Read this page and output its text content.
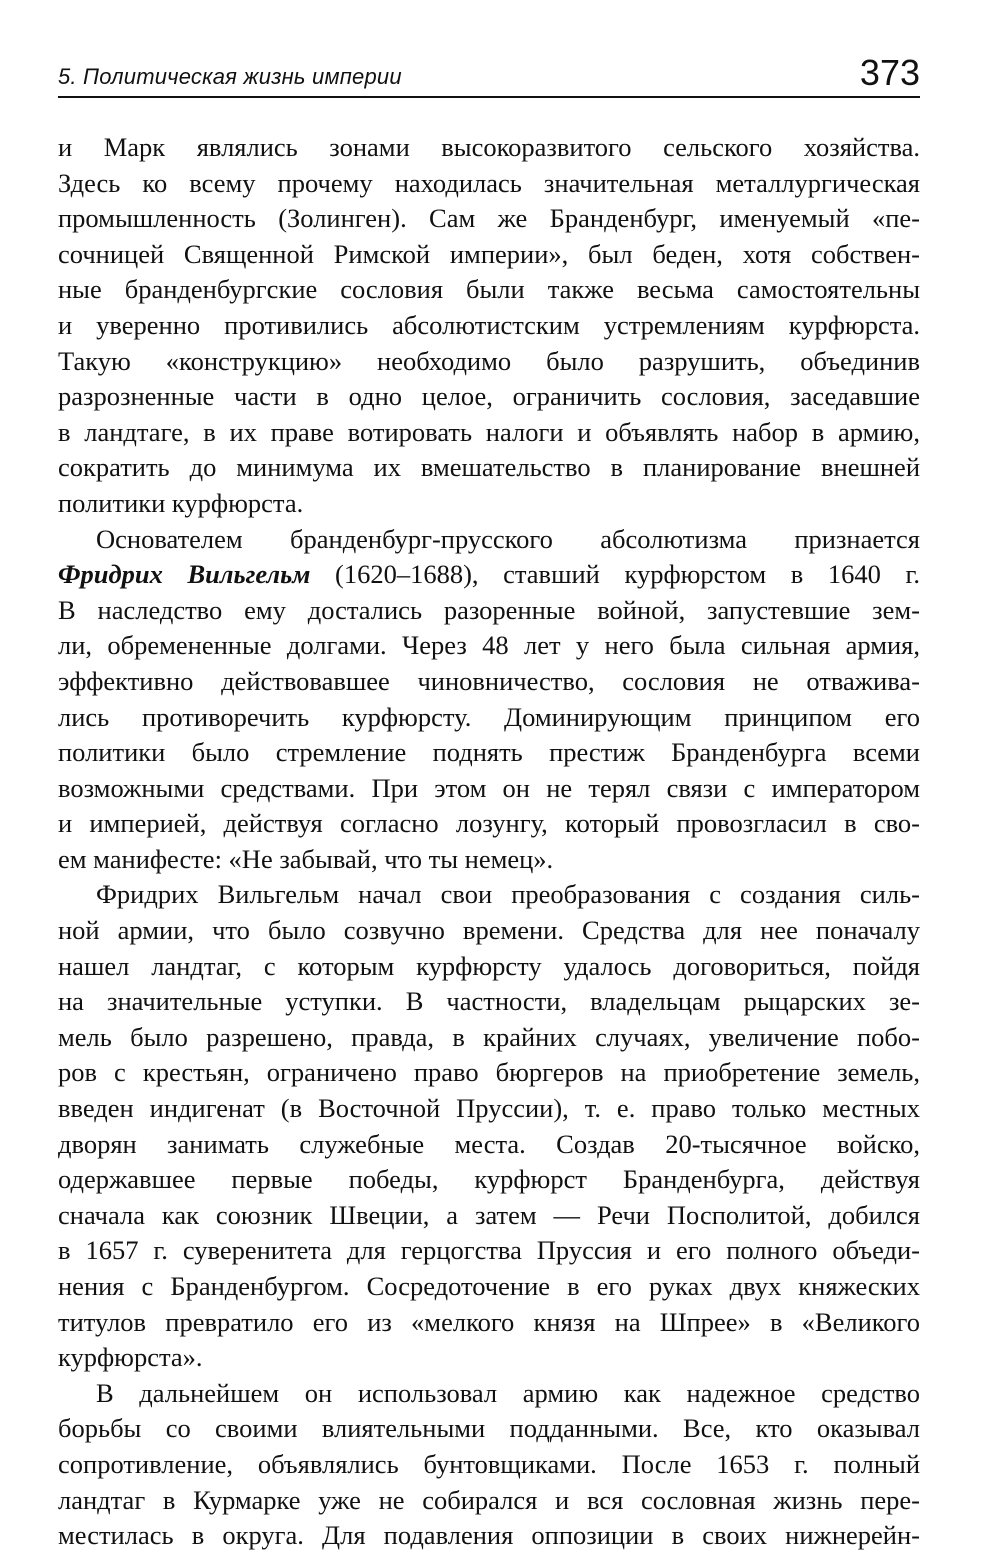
5. Политическая жизнь империи	373
и Марк являлись зонами высокоразвитого сельского хозяйства.
Здесь ко всему прочему находилась значительная металлургическая
промышленность (Золинген). Сам же Бранденбург, именуемый «пе-
сочницей Священной Римской империи», был беден, хотя собствен-
ные бранденбургские сословия были также весьма самостоятельны
и уверенно противились абсолютистским устремлениям курфюрста.
Такую «конструкцию» необходимо было разрушить, объединив
разрозненные части в одно целое, ограничить сословия, заседавшие
в ландтаге, в их праве вотировать налоги и объявлять набор в армию,
сократить до минимума их вмешательство в планирование внешней
политики курфюрста.
Основателем бранденбург-прусского абсолютизма признается
Фридрих Вильгельм (1620–1688), ставший курфюрстом в 1640 г.
В наследство ему достались разоренные войной, запустевшие зем-
ли, обремененные долгами. Через 48 лет у него была сильная армия,
эффективно действовавшее чиновничество, сословия не отважива-
лись противоречить курфюрсту. Доминирующим принципом его
политики было стремление поднять престиж Бранденбурга всеми
возможными средствами. При этом он не терял связи с императором
и империей, действуя согласно лозунгу, который провозгласил в сво-
ем манифесте: «Не забывай, что ты немец».
Фридрих Вильгельм начал свои преобразования с создания силь-
ной армии, что было созвучно времени. Средства для нее поначалу
нашел ландтаг, с которым курфюрсту удалось договориться, пойдя
на значительные уступки. В частности, владельцам рыцарских зе-
мель было разрешено, правда, в крайних случаях, увеличение побо-
ров с крестьян, ограничено право бюргеров на приобретение земель,
введен индигенат (в Восточной Пруссии), т. е. право только местных
дворян занимать служебные места. Создав 20-тысячное войско,
одержавшее первые победы, курфюрст Бранденбурга, действуя
сначала как союзник Швеции, а затем — Речи Посполитой, добился
в 1657 г. суверенитета для герцогства Пруссия и его полного объеди-
нения с Бранденбургом. Сосредоточение в его руках двух княжеских
титулов превратило его из «мелкого князя на Шпрее» в «Великого
курфюрста».
В дальнейшем он использовал армию как надежное средство
борьбы со своими влиятельными подданными. Все, кто оказывал
сопротивление, объявлялись бунтовщиками. После 1653 г. полный
ландтаг в Курмарке уже не собирался и вся сословная жизнь пере-
местилась в округа. Для подавления оппозиции в своих нижнерейн-
